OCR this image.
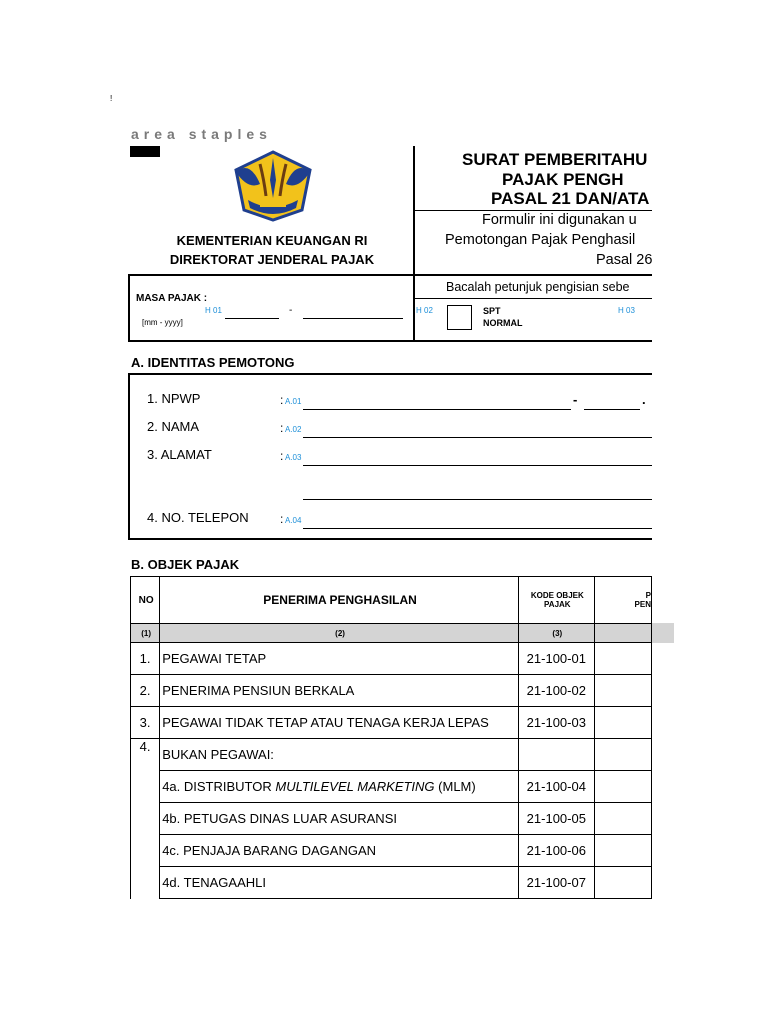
!
area staples
KEMENTERIAN KEUANGAN RI
DIREKTORAT JENDERAL PAJAK
SURAT PEMBERITAHU
PAJAK PENGH
PASAL 21 DAN/ATA
Formulir ini digunakan u
Pemotongan Pajak Penghasil
Pasal 26
Bacalah petunjuk pengisian sebe
MASA PAJAK :
H 01	-
[mm - yyyy]
H 02	SPT
NORMAL
H 03
A. IDENTITAS PEMOTONG
1. NPWP	: A.01	-	.
2. NAMA	: A.02
3. ALAMAT	: A.03
4. NO. TELEPON	: A.04
B. OBJEK PAJAK
NO	PENERIMA PENGHASILAN	KODE OBJEK PAJAK	P
PEN

(1)	(2)	(3)	
1.	PEGAWAI TETAP	21-100-01	
2.	PENERIMA PENSIUN BERKALA	21-100-02	
3.	PEGAWAI TIDAK TETAP ATAU TENAGA KERJA LEPAS	21-100-03	
4.	BUKAN PEGAWAI:		
	4a. DISTRIBUTOR MULTILEVEL MARKETING (MLM)	21-100-04	
	4b. PETUGAS DINAS LUAR ASURANSI	21-100-05	
	4c. PENJAJA BARANG DAGANGAN	21-100-06	
	4d. TENAGAAHLI	21-100-07	
